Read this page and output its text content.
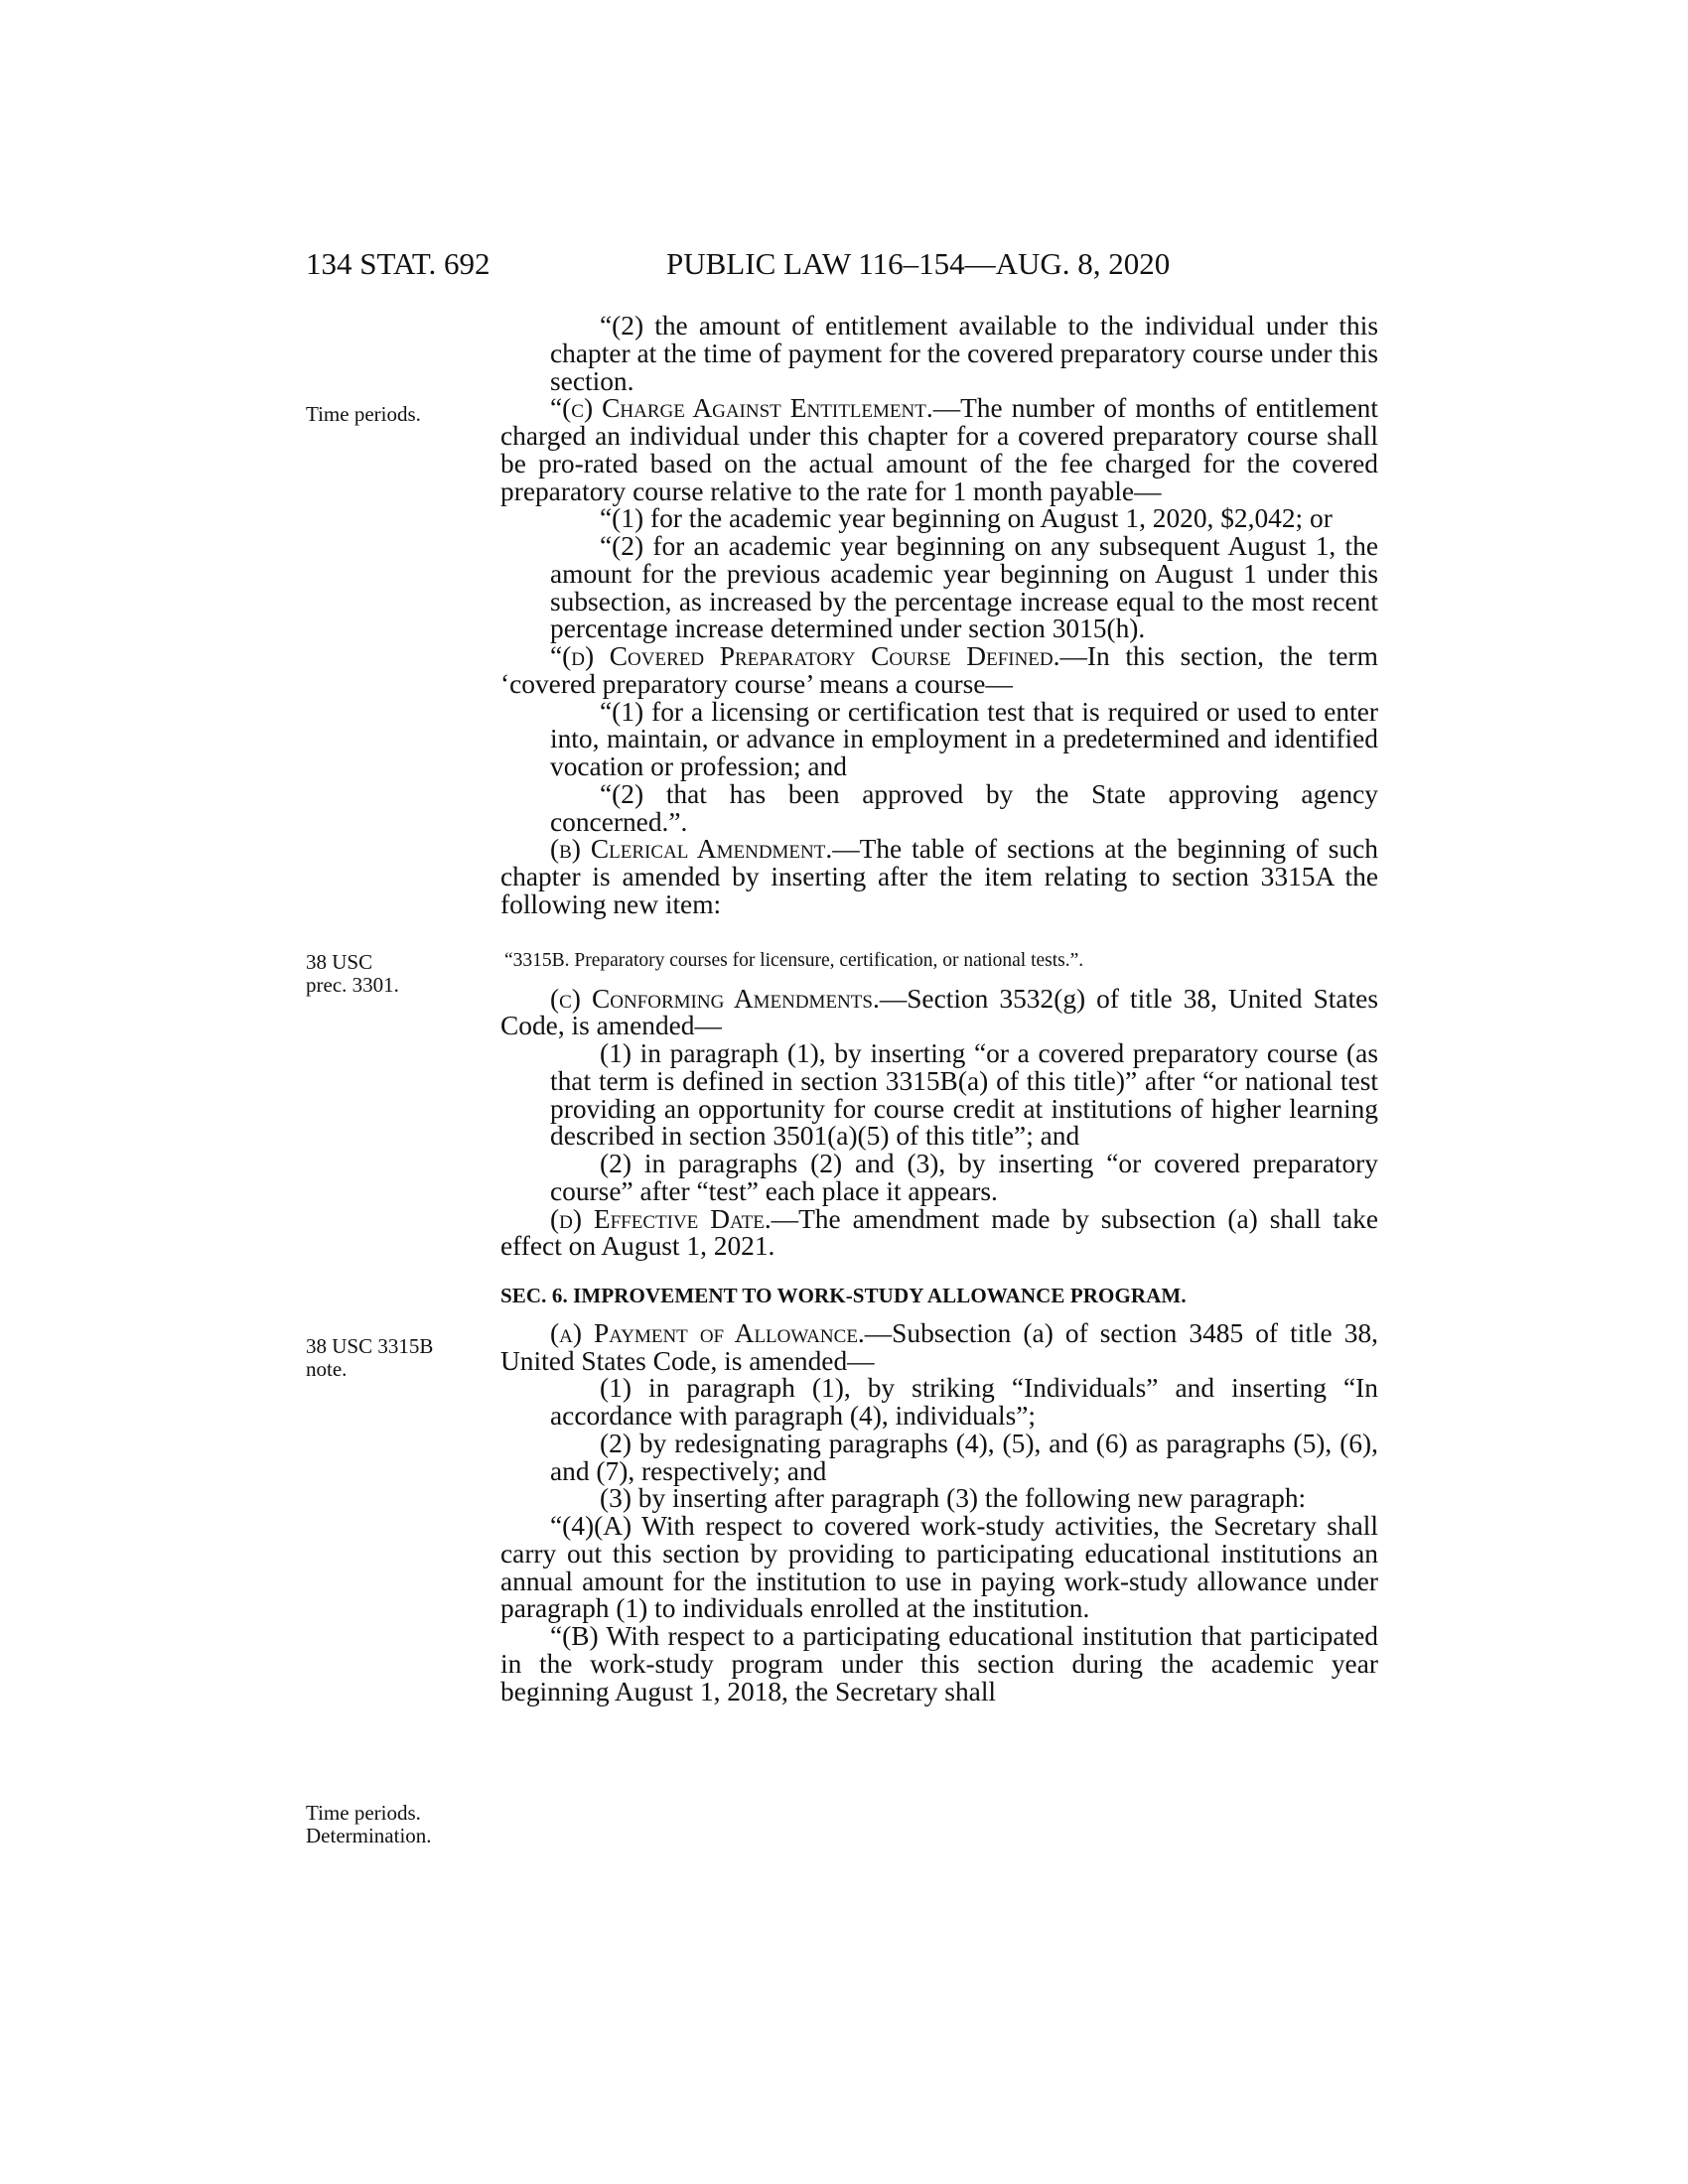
134 STAT. 692	PUBLIC LAW 116–154—AUG. 8, 2020
Time periods.
38 USC
prec. 3301.
38 USC 3315B
note.
Time periods.
Determination.

“(2) the amount of entitlement available to the individual under this chapter at the time of payment for the covered preparatory course under this section.

“(c) Charge Against Entitlement.—The number of months of entitlement charged an individual under this chapter for a covered preparatory course shall be pro-rated based on the actual amount of the fee charged for the covered preparatory course relative to the rate for 1 month payable—

“(1) for the academic year beginning on August 1, 2020, $2,042; or

“(2) for an academic year beginning on any subsequent August 1, the amount for the previous academic year beginning on August 1 under this subsection, as increased by the percentage increase equal to the most recent percentage increase determined under section 3015(h).

“(d) Covered Preparatory Course Defined.—In this section, the term ‘covered preparatory course’ means a course—

“(1) for a licensing or certification test that is required or used to enter into, maintain, or advance in employment in a predetermined and identified vocation or profession; and

“(2) that has been approved by the State approving agency concerned.”.

(b) Clerical Amendment.—The table of sections at the beginning of such chapter is amended by inserting after the item relating to section 3315A the following new item:

“3315B. Preparatory courses for licensure, certification, or national tests.”.

(c) Conforming Amendments.—Section 3532(g) of title 38, United States Code, is amended—

(1) in paragraph (1), by inserting “or a covered preparatory course (as that term is defined in section 3315B(a) of this title)” after “or national test providing an opportunity for course credit at institutions of higher learning described in section 3501(a)(5) of this title”; and

(2) in paragraphs (2) and (3), by inserting “or covered preparatory course” after “test” each place it appears.

(d) Effective Date.—The amendment made by subsection (a) shall take effect on August 1, 2021.

SEC. 6. IMPROVEMENT TO WORK-STUDY ALLOWANCE PROGRAM.

(a) Payment of Allowance.—Subsection (a) of section 3485 of title 38, United States Code, is amended—

(1) in paragraph (1), by striking “Individuals” and inserting “In accordance with paragraph (4), individuals”;

(2) by redesignating paragraphs (4), (5), and (6) as paragraphs (5), (6), and (7), respectively; and

(3) by inserting after paragraph (3) the following new paragraph:

“(4)(A) With respect to covered work-study activities, the Secretary shall carry out this section by providing to participating educational institutions an annual amount for the institution to use in paying work-study allowance under paragraph (1) to individuals enrolled at the institution.

“(B) With respect to a participating educational institution that participated in the work-study program under this section during the academic year beginning August 1, 2018, the Secretary shall
